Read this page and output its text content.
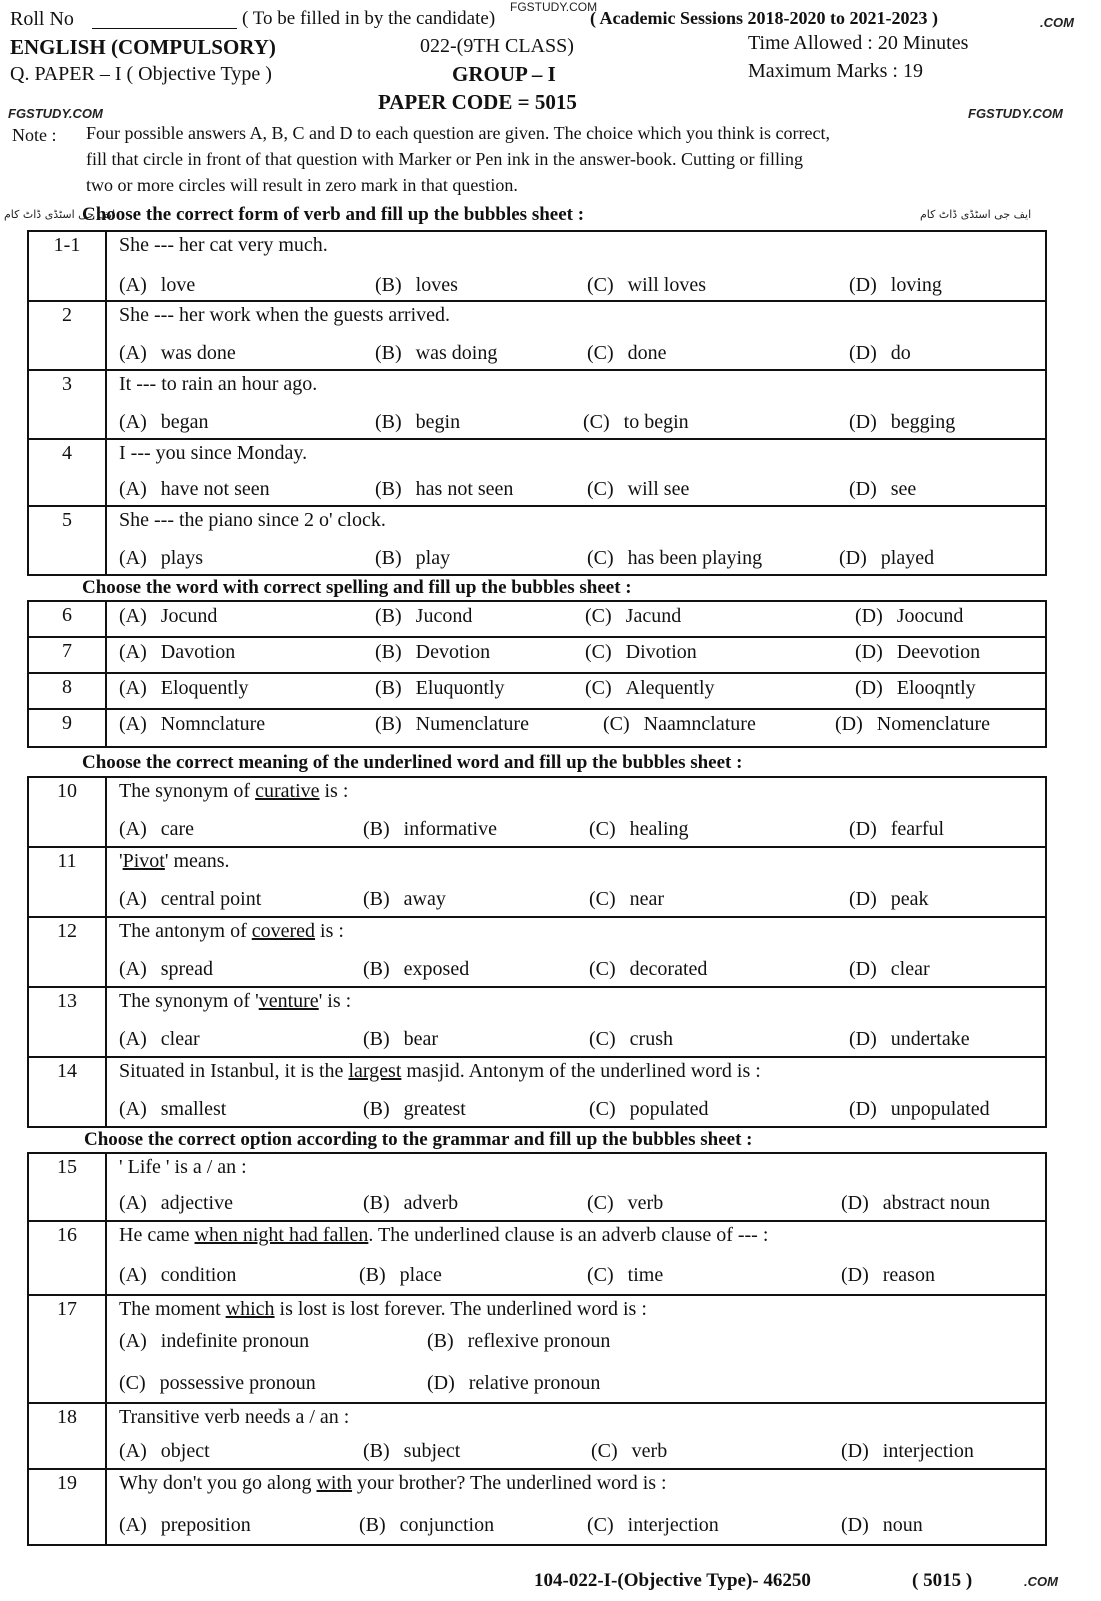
FGSTUDY.COM
Roll No	( To be filled in by the candidate)	( Academic Sessions 2018-2020 to 2021-2023 )	.COM
ENGLISH (COMPULSORY)	022-(9TH CLASS)	Time Allowed : 20 Minutes
Q. PAPER – I ( Objective Type )	GROUP – I	Maximum Marks : 19
FGSTUDY.COM	PAPER CODE = 5015	FGSTUDY.COM
Note : Four possible answers A, B, C and D to each question are given. The choice which you think is correct,
fill that circle in front of that question with Marker or Pen ink in the answer-book. Cutting or filling
two or more circles will result in zero mark in that question.
ایف جی اسٹڈی ڈاٹ کام
Choose the correct form of verb and fill up the bubbles sheet :	ایف جی اسٹڈی ڈاٹ کام
1-1	She --- her cat very much.
(A) love (B) loves (C) will loves (D) loving

2	She --- her work when the guests arrived.
(A) was done (B) was doing (C) done (D) do

3	It --- to rain an hour ago.
(A) began (B) begin (C) to begin (D) begging

4	I --- you since Monday.
(A) have not seen (B) has not seen (C) will see (D) see

5	She --- the piano since 2 o' clock.
(A) plays (B) play (C) has been playing (D) played
Choose the word with correct spelling and fill up the bubbles sheet :
6	(A) Jocund (B) Jucond (C) Jacund (D) Joocund

7	(A) Davotion (B) Devotion (C) Divotion (D) Deevotion

8	(A) Eloquently (B) Eluquontly (C) Alequently (D) Elooqntly

9	(A) Nomnclature (B) Numenclature (C) Naamnclature (D) Nomenclature
Choose the correct meaning of the underlined word and fill up the bubbles sheet :
10	The synonym of curative is :
(A) care (B) informative (C) healing (D) fearful

11	'Pivot' means.
(A) central point (B) away (C) near (D) peak

12	The antonym of covered is :
(A) spread (B) exposed (C) decorated (D) clear

13	The synonym of 'venture' is :
(A) clear (B) bear (C) crush (D) undertake

14	Situated in Istanbul, it is the largest masjid. Antonym of the underlined word is :
(A) smallest (B) greatest (C) populated (D) unpopulated
Choose the correct option according to the grammar and fill up the bubbles sheet :
15	' Life ' is a / an :
(A) adjective (B) adverb (C) verb (D) abstract noun

16	He came when night had fallen. The underlined clause is an adverb clause of --- :
(A) condition (B) place (C) time (D) reason

17	The moment which is lost is lost forever. The underlined word is :
(A) indefinite pronoun (B) reflexive pronoun
(C) possessive pronoun (D) relative pronoun

18	Transitive verb needs a / an :
(A) object (B) subject (C) verb (D) interjection

19	Why don't you go along with your brother? The underlined word is :
(A) preposition (B) conjunction (C) interjection (D) noun
104-022-I-(Objective Type)- 46250	( 5015 )	.COM
